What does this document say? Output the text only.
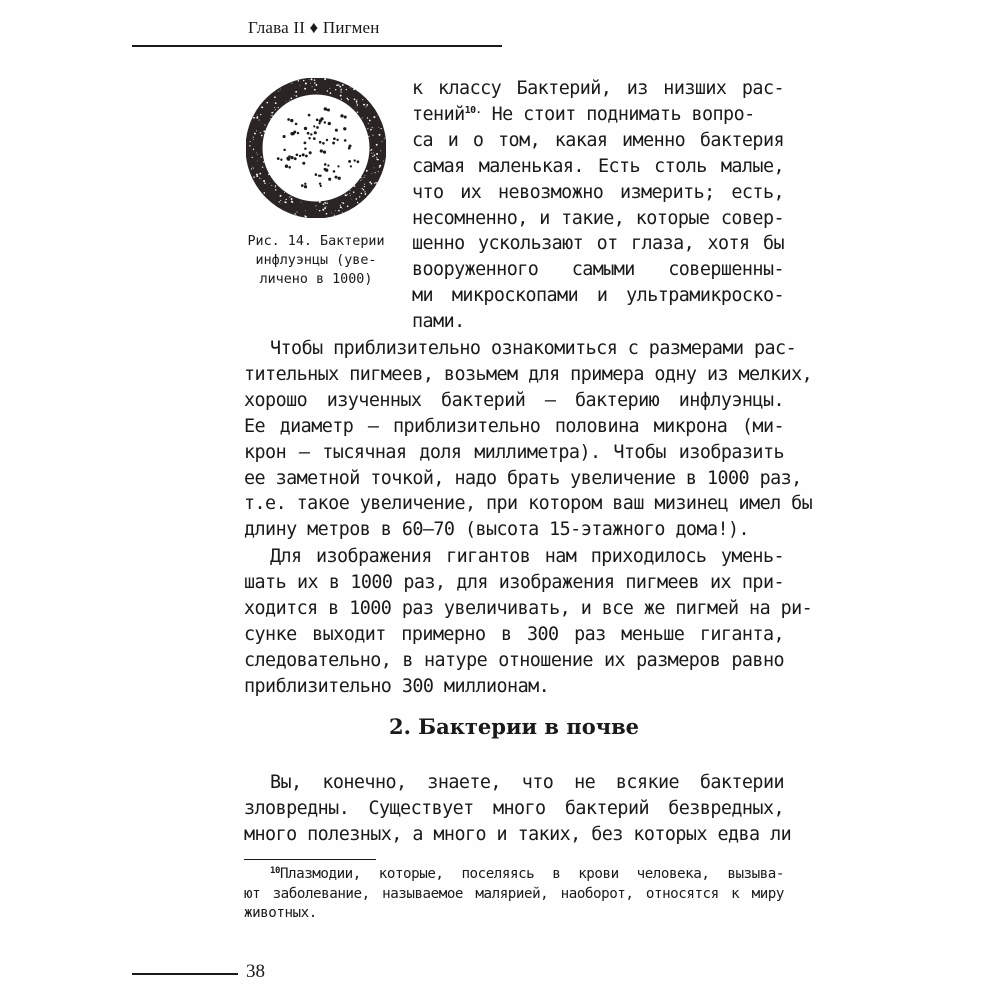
Глава II ♦ Пигмен
Рис. 14. Бактерии
инфлуэнцы (уве-
личено в 1000)
к классу Бактерий, из низших рас-
тений$^{10.}$ Не стоит поднимать вопро-
са и о том, какая именно бактерия
самая маленькая. Есть столь малые,
что их невозможно измерить; есть,
несомненно, и такие, которые совер-
шенно ускользают от глаза, хотя бы
вооруженного самыми совершенны-
ми микроскопами и ультрамикроско-
пами.
Чтобы приблизительно ознакомиться с размерами рас-
тительных пигмеев, возьмем для примера одну из мелких,
хорошо изученных бактерий — бактерию инфлуэнцы.
Ее диаметр — приблизительно половина микрона (ми-
крон — тысячная доля миллиметра). Чтобы изобразить
ее заметной точкой, надо брать увеличение в 1000 раз,
т.е. такое увеличение, при котором ваш мизинец имел бы
длину метров в 60–70 (высота 15-этажного дома!).
Для изображения гигантов нам приходилось умень-
шать их в 1000 раз, для изображения пигмеев их при-
ходится в 1000 раз увеличивать, и все же пигмей на ри-
сунке выходит примерно в 300 раз меньше гиганта,
следовательно, в натуре отношение их размеров равно
приблизительно 300 миллионам.
2. Бактерии в почве
Вы, конечно, знаете, что не всякие бактерии
зловредны. Существует много бактерий безвредных,
много полезных, а много и таких, без которых едва ли
$^{10}$Плазмодии, которые, поселяясь в крови человека, вызыва-
ют заболевание, называемое малярией, наоборот, относятся к миру
животных.
38
